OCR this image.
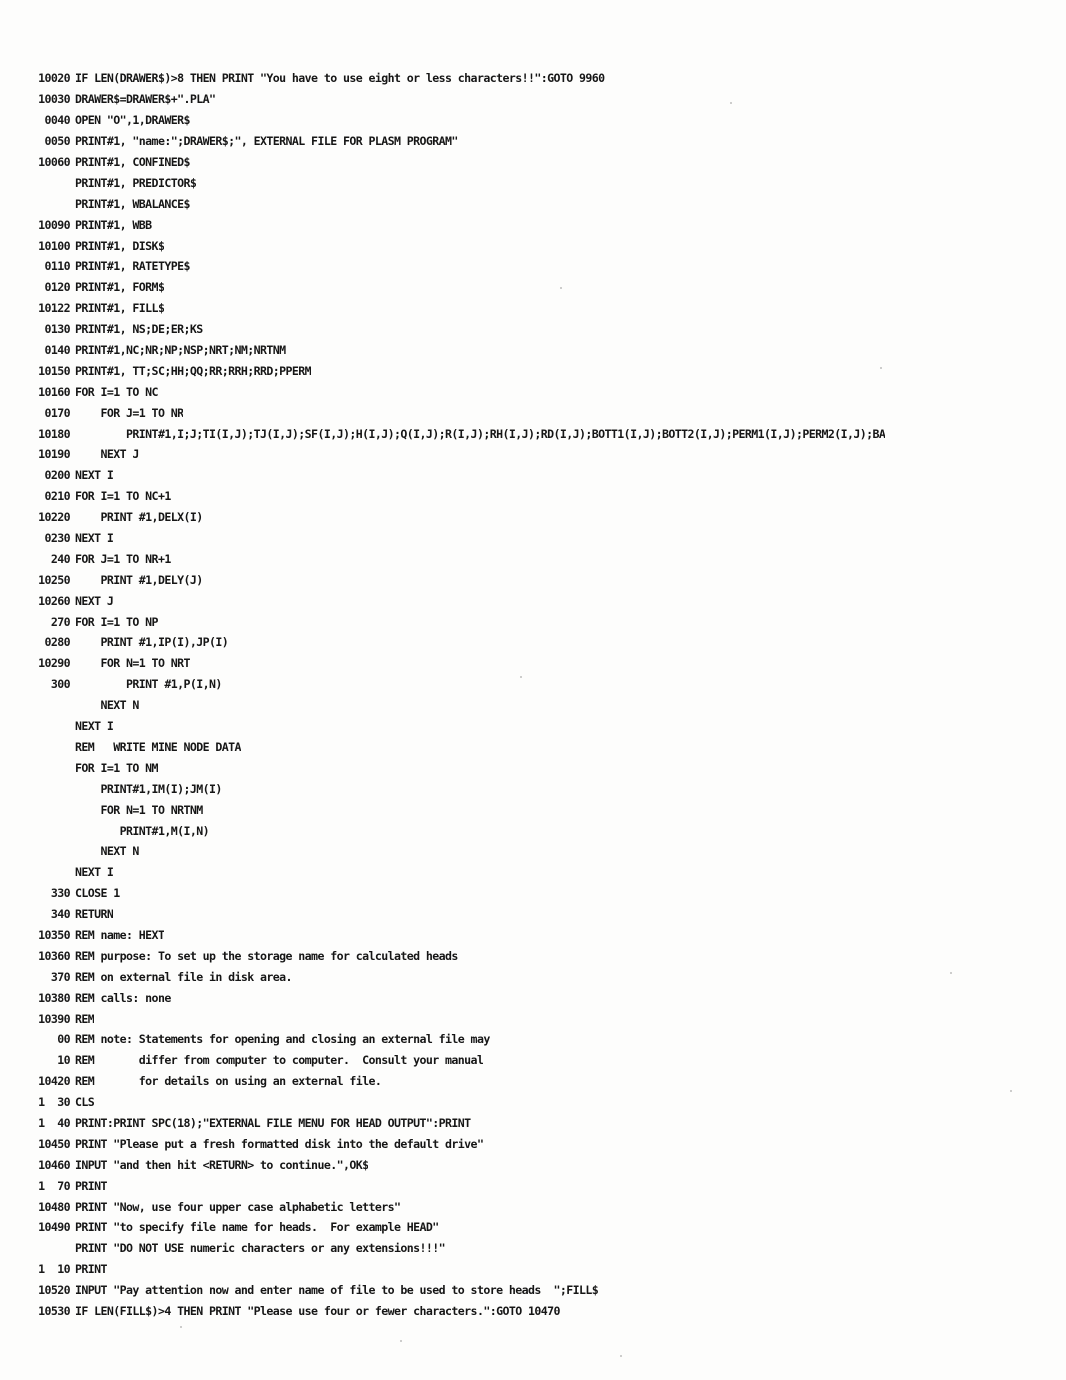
10020 IF LEN(DRAWER$)>8 THEN PRINT "You have to use eight or less characters!!":GOTO 9960
10030 DRAWER$=DRAWER$+".PLA"
0040 OPEN "O",1,DRAWER$
0050 PRINT#1, "name:";DRAWER$;", EXTERNAL FILE FOR PLASM PROGRAM"
10060 PRINT#1, CONFINED$
PRINT#1, PREDICTOR$
PRINT#1, WBALANCE$
10090 PRINT#1, WBB
10100 PRINT#1, DISK$
0110 PRINT#1, RATETYPE$
0120 PRINT#1, FORM$
10122 PRINT#1, FILL$
0130 PRINT#1, NS;DE;ER;KS
0140 PRINT#1,NC;NR;NP;NSP;NRT;NM;NRTNM
10150 PRINT#1, TT;SC;HH;QQ;RR;RRH;RRD;PPERM
10160 FOR I=1 TO NC
0170 FOR J=1 TO NR
10180 PRINT#1,I;J;TI(I,J);TJ(I,J);SF(I,J);H(I,J);Q(I,J);R(I,J);RH(I,J);RD(I,J);BOTT1(I,J);BOTT2(I,J);PERM1(I,J);PERM2(I,J);BA
10190 NEXT J
0200 NEXT I
0210 FOR I=1 TO NC+1
10220 PRINT #1,DELX(I)
0230 NEXT I
240 FOR J=1 TO NR+1
10250 PRINT #1,DELY(J)
10260 NEXT J
270 FOR I=1 TO NP
0280 PRINT #1,IP(I),JP(I)
10290 FOR N=1 TO NRT
300 PRINT #1,P(I,N)
NEXT N
NEXT I
REM   WRITE MINE NODE DATA
FOR I=1 TO NM
PRINT#1,IM(I);JM(I)
FOR N=1 TO NRTNM
PRINT#1,M(I,N)
NEXT N
NEXT I
330 CLOSE 1
340 RETURN
10350 REM name: HEXT
10360 REM purpose: To set up the storage name for calculated heads
370 REM on external file in disk area.
10380 REM calls: none
10390 REM
00 REM note: Statements for opening and closing an external file may
10 REM       differ from computer to computer.  Consult your manual
10420 REM       for details on using an external file.
1  30 CLS
1  40 PRINT:PRINT SPC(18);"EXTERNAL FILE MENU FOR HEAD OUTPUT":PRINT
10450 PRINT "Please put a fresh formatted disk into the default drive"
10460 INPUT "and then hit <RETURN> to continue.",OK$
1  70 PRINT
10480 PRINT "Now, use four upper case alphabetic letters"
10490 PRINT "to specify file name for heads.  For example HEAD"
PRINT "DO NOT USE numeric characters or any extensions!!!"
1  10 PRINT
10520 INPUT "Pay attention now and enter name of file to be used to store heads  ";FILL$
10530 IF LEN(FILL$)>4 THEN PRINT "Please use four or fewer characters.":GOTO 10470
